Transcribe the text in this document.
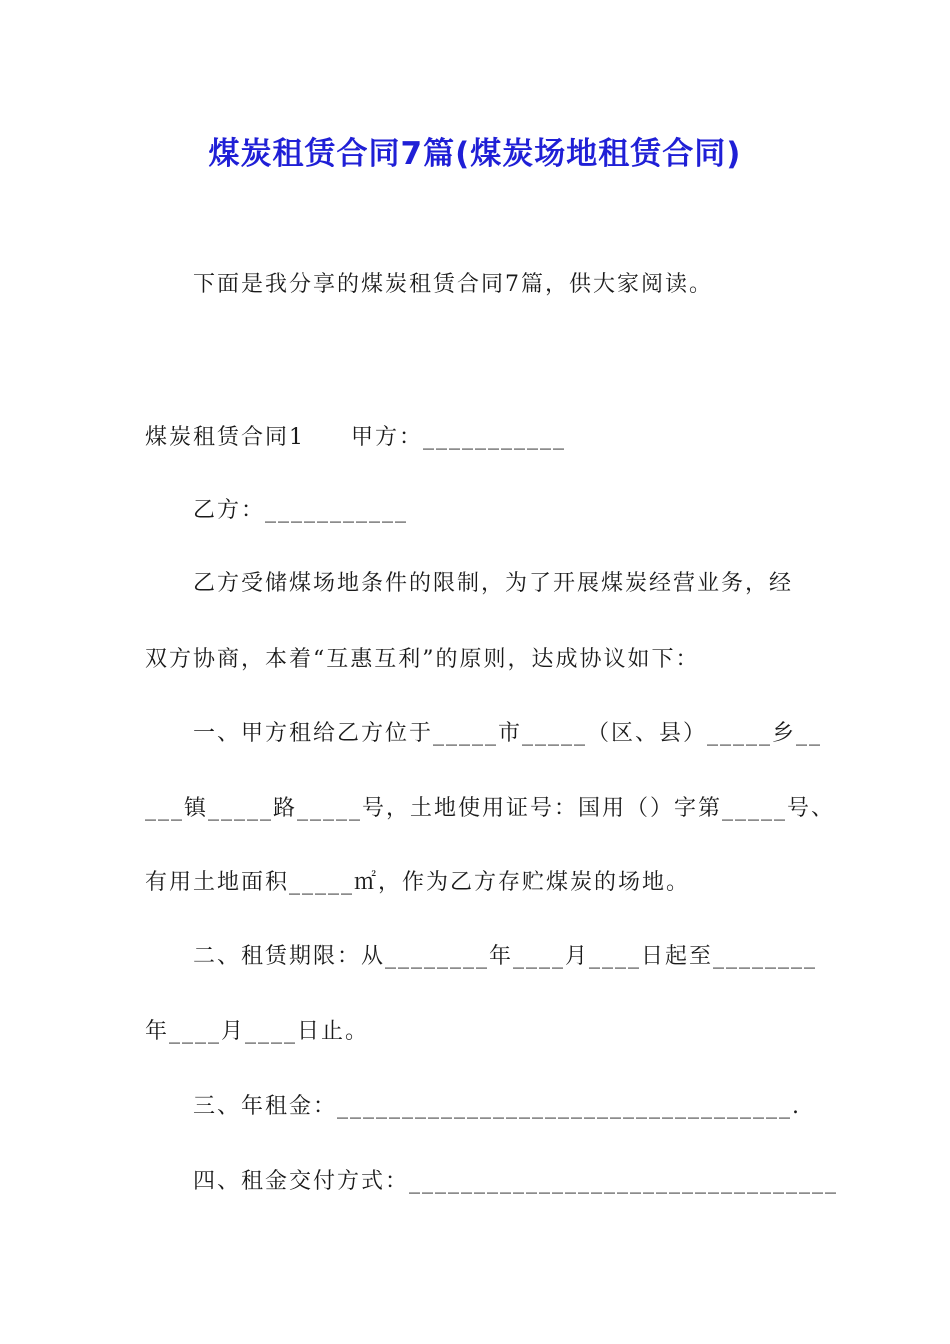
煤炭租赁合同7篇(煤炭场地租赁合同)
下面是我分享的煤炭租赁合同7篇，供大家阅读。
煤炭租赁合同1 甲方：___________
乙方：___________
乙方受储煤场地条件的限制，为了开展煤炭经营业务，经
双方协商，本着“互惠互利”的原则，达成协议如下：
一、甲方租给乙方位于_____市_____（区、县）_____乡__
___镇_____路_____号，土地使用证号：国用（）字第_____号、
有用土地面积_____㎡，作为乙方存贮煤炭的场地。
二、租赁期限：从________年____月____日起至________
年____月____日止。
三、年租金：___________________________________.
四、租金交付方式：_________________________________
